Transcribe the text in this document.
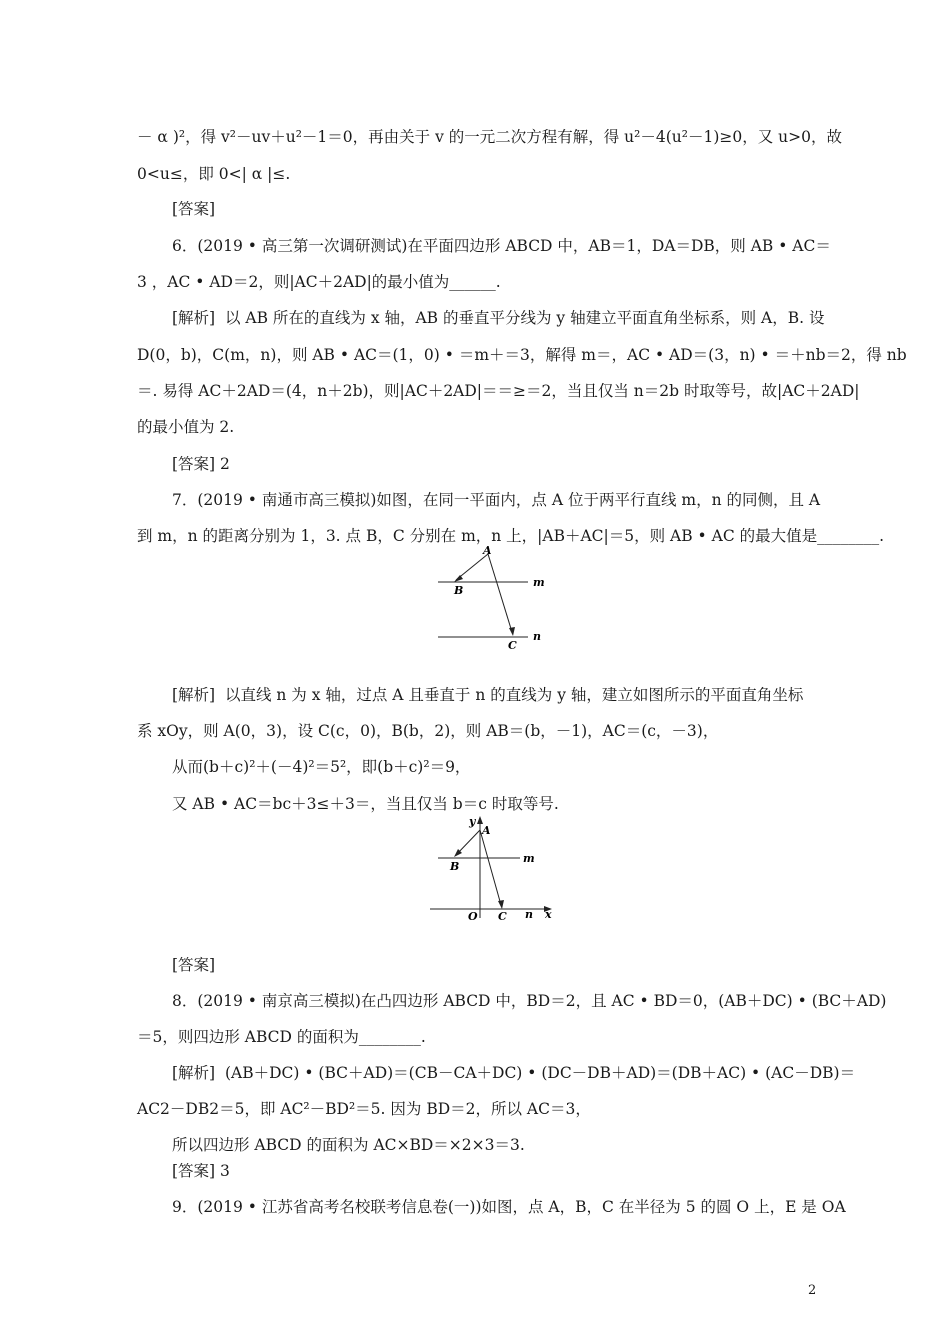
－ α )²，得 v²－uv＋u²－1＝0，再由关于 v 的一元二次方程有解，得 u²－4(u²－1)≥0，又 u>0，故
0<u≤，即 0<| α |≤.
[答案]
6．(2019 • 高三第一次调研测试)在平面四边形 ABCD 中，AB＝1，DA＝DB，则 AB • AC＝
3 ，AC • AD＝2，则|AC＋2AD|的最小值为______.
[解析]  以 AB 所在的直线为 x 轴，AB 的垂直平分线为 y 轴建立平面直角坐标系，则 A，B. 设
D(0，b)，C(m，n)，则 AB • AC＝(1，0) • ＝m＋＝3，解得 m＝，AC • AD＝(3，n) • ＝＋nb＝2，得 nb
＝. 易得 AC＋2AD＝(4，n＋2b)，则|AC＋2AD|＝＝≥＝2，当且仅当 n＝2b 时取等号，故|AC＋2AD|
的最小值为 2.
[答案] 2
7．(2019 • 南通市高三模拟)如图，在同一平面内，点 A 位于两平行直线 m，n 的同侧，且 A
到 m，n 的距离分别为 1，3. 点 B，C 分别在 m，n 上，|AB＋AC|＝5，则 AB • AC 的最大值是________.
A
B
m
n
C
[解析]  以直线 n 为 x 轴，过点 A 且垂直于 n 的直线为 y 轴，建立如图所示的平面直角坐标
系 xOy，则 A(0，3)，设 C(c，0)，B(b，2)，则 AB＝(b，－1)，AC＝(c，－3)，
从而(b＋c)²＋(－4)²＝5²，即(b＋c)²＝9，
又 AB • AC＝bc＋3≤＋3＝，当且仅当 b＝c 时取等号.
y
A
m
B
O C n x
[答案]
8．(2019 • 南京高三模拟)在凸四边形 ABCD 中，BD＝2，且 AC • BD＝0，(AB＋DC) • (BC＋AD)
＝5，则四边形 ABCD 的面积为________.
[解析]  (AB＋DC) • (BC＋AD)＝(CB－CA＋DC) • (DC－DB＋AD)＝(DB＋AC) • (AC－DB)＝
AC2－DB2＝5，即 AC²－BD²＝5. 因为 BD＝2，所以 AC＝3，
所以四边形 ABCD 的面积为 AC×BD＝×2×3＝3.
[答案] 3
9．(2019 • 江苏省高考名校联考信息卷(一))如图，点 A，B，C 在半径为 5 的圆 O 上，E 是 OA
2
